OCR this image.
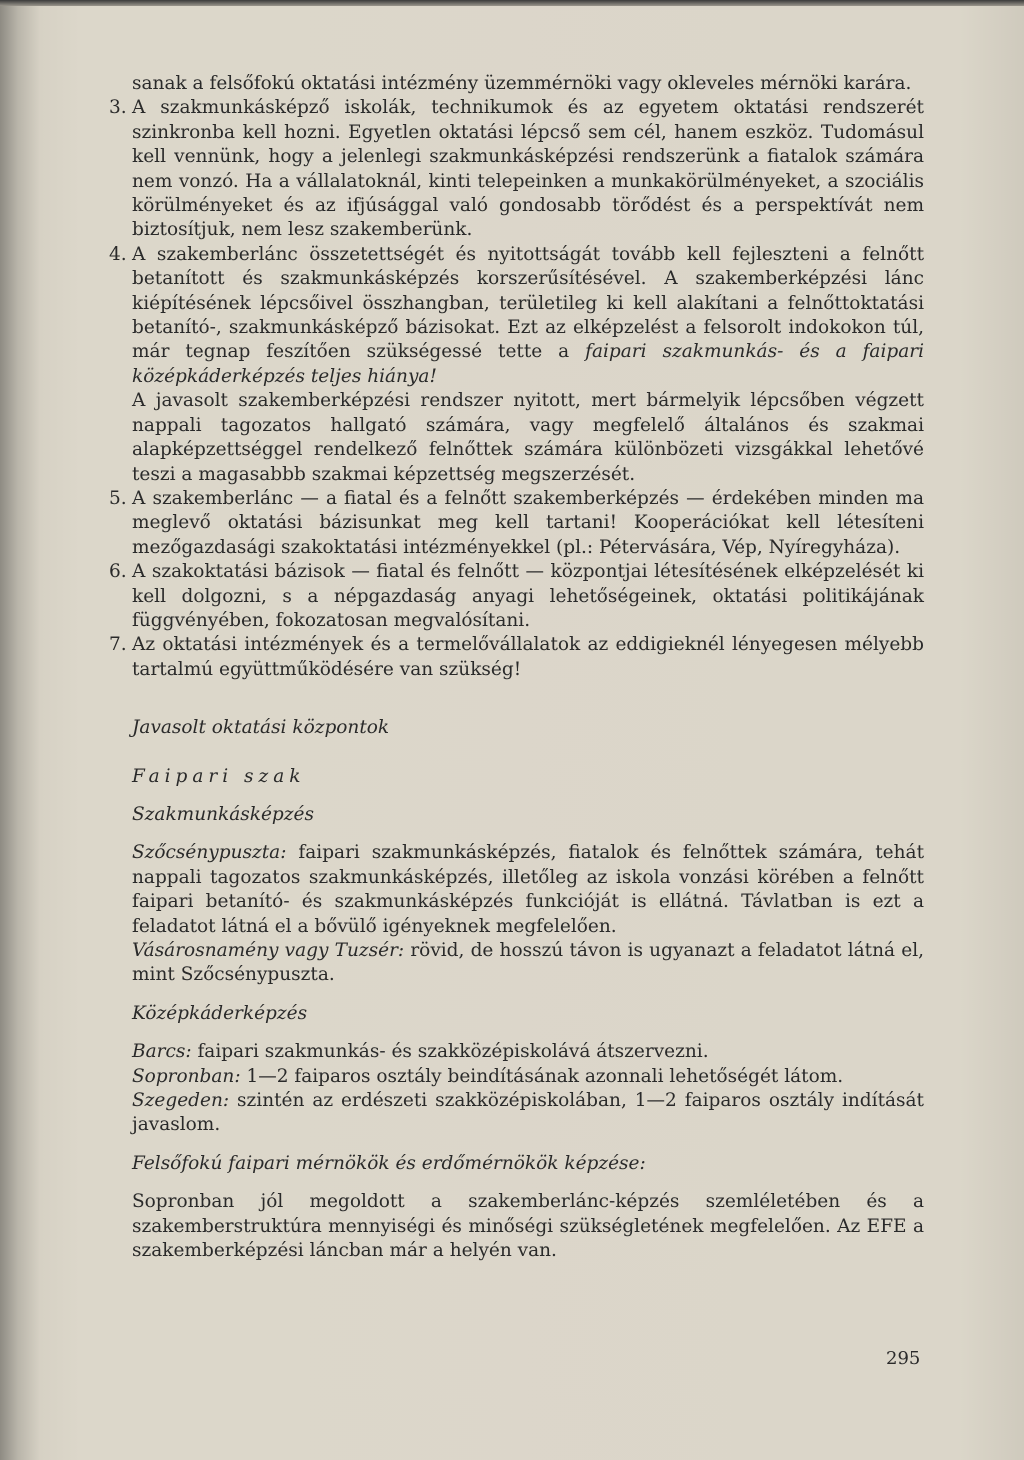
sanak a felsőfokú oktatási intézmény üzemmérnöki vagy okleveles mérnöki karára.

3. A szakmunkásképző iskolák, technikumok és az egyetem oktatási rendszerét szinkronba kell hozni. Egyetlen oktatási lépcső sem cél, hanem eszköz. Tudomásul kell vennünk, hogy a jelenlegi szakmunkásképzési rendszerünk a fiatalok számára nem vonzó. Ha a vállalatoknál, kinti telepeinken a munkakörülményeket, a szociális körülményeket és az ifjúsággal való gondosabb törődést és a perspektívát nem biztosítjuk, nem lesz szakemberünk.
4. A szakemberlánc összetettségét és nyitottságát tovább kell fejleszteni a felnőtt betanított és szakmunkásképzés korszerűsítésével. A szakemberképzési lánc kiépítésének lépcsőivel összhangban, területileg ki kell alakítani a felnőttoktatási betanító-, szakmunkásképző bázisokat. Ezt az elképzelést a felsorolt indokokon túl, már tegnap feszítően szükségessé tette a faipari szakmunkás- és a faipari középkáderképzés teljes hiánya!

A javasolt szakemberképzési rendszer nyitott, mert bármelyik lépcsőben végzett nappali tagozatos hallgató számára, vagy megfelelő általános és szakmai alapképzettséggel rendelkező felnőttek számára különbözeti vizsgákkal lehetővé teszi a magasabbb szakmai képzettség megszerzését.

5. A szakemberlánc — a fiatal és a felnőtt szakemberképzés — érdekében minden ma meglevő oktatási bázisunkat meg kell tartani! Kooperációkat kell létesíteni mezőgazdasági szakoktatási intézményekkel (pl.: Pétervására, Vép, Nyíregyháza).
6. A szakoktatási bázisok — fiatal és felnőtt — központjai létesítésének elképzelését ki kell dolgozni, s a népgazdaság anyagi lehetőségeinek, oktatási politikájának függvényében, fokozatosan megvalósítani.
7. Az oktatási intézmények és a termelővállalatok az eddigieknél lényegesen mélyebb tartalmú együttműködésére van szükség!

Javasolt oktatási központok

Faipari szak

Szakmunkásképzés

Szőcsénypuszta: faipari szakmunkásképzés, fiatalok és felnőttek számára, tehát nappali tagozatos szakmunkásképzés, illetőleg az iskola vonzási körében a felnőtt faipari betanító- és szakmunkásképzés funkcióját is ellátná. Távlatban is ezt a feladatot látná el a bővülő igényeknek megfelelően.

Vásárosnamény vagy Tuzsér: rövid, de hosszú távon is ugyanazt a feladatot látná el, mint Szőcsénypuszta.

Középkáderképzés

Barcs: faipari szakmunkás- és szakközépiskolává átszervezni.

Sopronban: 1—2 faiparos osztály beindításának azonnali lehetőségét látom.

Szegeden: szintén az erdészeti szakközépiskolában, 1—2 faiparos osztály indítását javaslom.

Felsőfokú faipari mérnökök és erdőmérnökök képzése:

Sopronban jól megoldott a szakemberlánc-képzés szemléletében és a szakemberstruktúra mennyiségi és minőségi szükségletének megfelelően. Az EFE a szakemberképzési láncban már a helyén van.

295
